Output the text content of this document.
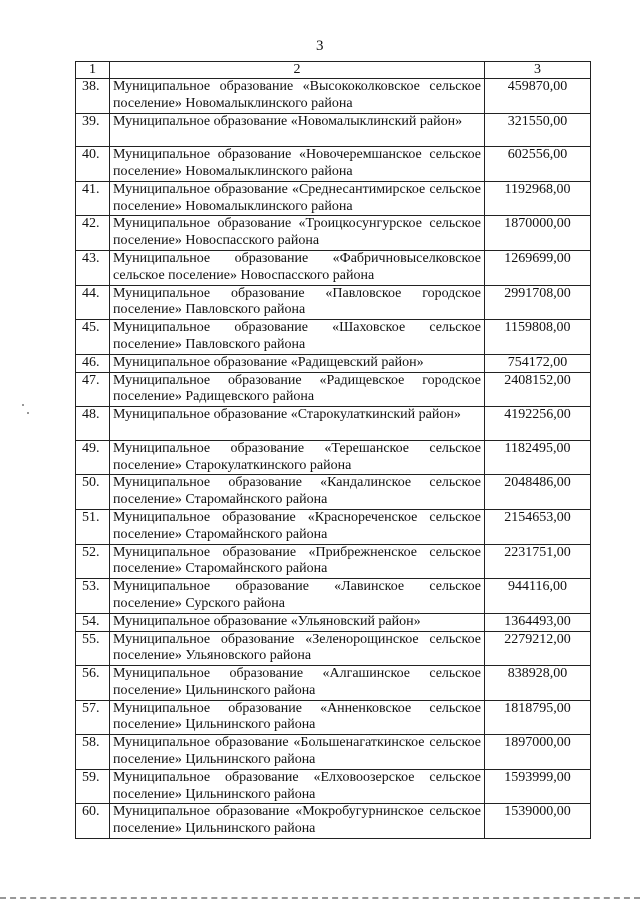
3
1	2	3
38.	Муниципальное образование «Высококолковское сельское поселение» Новомалыклинского района	459870,00
39.	Муниципальное образование «Новомалыклинский район»	321550,00
40.	Муниципальное образование «Новочеремшанское сельское поселение» Новомалыклинского района	602556,00
41.	Муниципальное образование «Среднесантимирское сельское поселение» Новомалыклинского района	1192968,00
42.	Муниципальное образование «Троицкосунгурское сельское поселение» Новоспасского района	1870000,00
43.	Муниципальное образование «Фабричновыселковское сельское поселение» Новоспасского района	1269699,00
44.	Муниципальное образование «Павловское городское поселение» Павловского района	2991708,00
45.	Муниципальное образование «Шаховское сельское поселение» Павловского района	1159808,00
46.	Муниципальное образование «Радищевский район»	754172,00
47.	Муниципальное образование «Радищевское городское поселение» Радищевского района	2408152,00
48.	Муниципальное образование «Старокулаткинский район»	4192256,00
49.	Муниципальное образование «Терешанское сельское поселение» Старокулаткинского района	1182495,00
50.	Муниципальное образование «Кандалинское сельское поселение» Старомайнского района	2048486,00
51.	Муниципальное образование «Краснореченское сельское поселение» Старомайнского района	2154653,00
52.	Муниципальное образование «Прибрежненское сельское поселение» Старомайнского района	2231751,00
53.	Муниципальное образование «Лавинское сельское поселение» Сурского района	944116,00
54.	Муниципальное образование «Ульяновский район»	1364493,00
55.	Муниципальное образование «Зеленорощинское сельское поселение» Ульяновского района	2279212,00
56.	Муниципальное образование «Алгашинское сельское поселение» Цильнинского района	838928,00
57.	Муниципальное образование «Анненковское сельское поселение» Цильнинского района	1818795,00
58.	Муниципальное образование «Большенагаткинское сельское поселение» Цильнинского района	1897000,00
59.	Муниципальное образование «Елховоозерское сельское поселение» Цильнинского района	1593999,00
60.	Муниципальное образование «Мокробугурнинское сельское поселение» Цильнинского района	1539000,00
